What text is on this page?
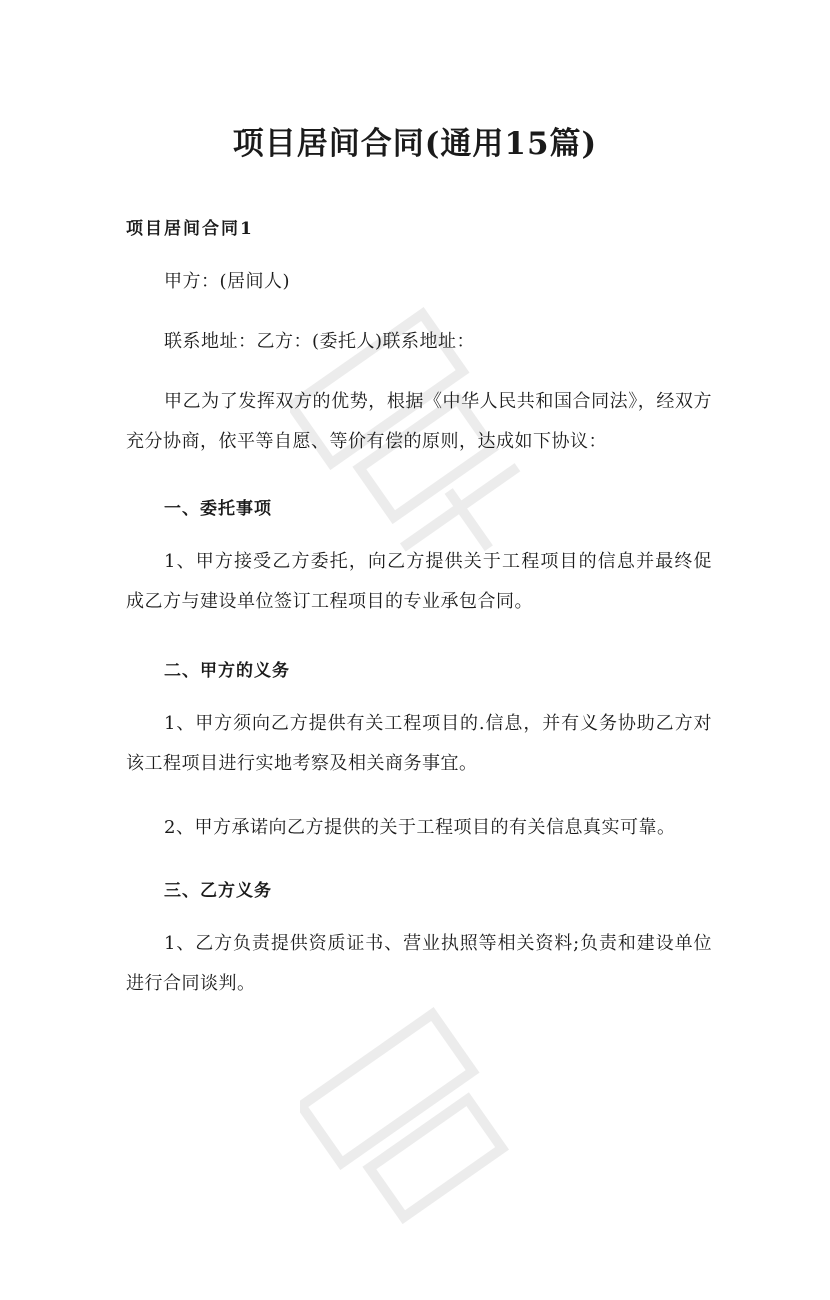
项目居间合同(通用15篇)
项目居间合同1

甲方：(居间人)

联系地址：乙方：(委托人)联系地址：

甲乙为了发挥双方的优势，根据《中华人民共和国合同法》，经双方充分协商，依平等自愿、等价有偿的原则，达成如下协议：

一、委托事项

1、甲方接受乙方委托，向乙方提供关于工程项目的信息并最终促成乙方与建设单位签订工程项目的专业承包合同。

二、甲方的义务

1、甲方须向乙方提供有关工程项目的.信息，并有义务协助乙方对该工程项目进行实地考察及相关商务事宜。

2、甲方承诺向乙方提供的关于工程项目的有关信息真实可靠。

三、乙方义务

1、乙方负责提供资质证书、营业执照等相关资料;负责和建设单位进行合同谈判。
